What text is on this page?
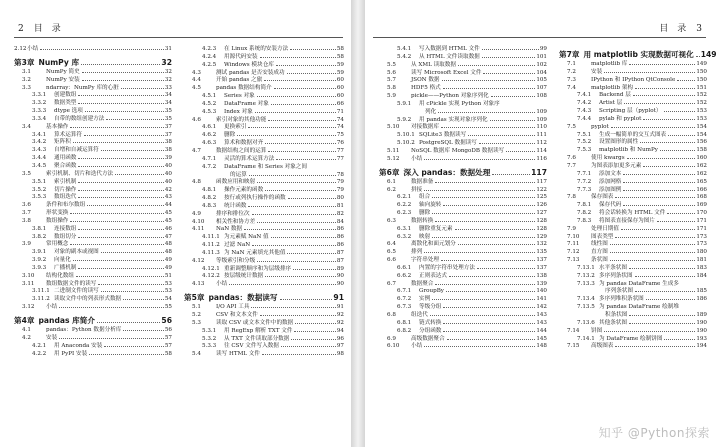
2 目　录
2.12 小结	31
第3章 NumPy 库	32
3.1	NumPy 简史	32
3.2	NumPy 安装	32
3.3	ndarray：NumPy 库的心脏	33
3.3.1	创建数组	34
3.3.2	数据类型	34
3.3.3	dtype 选项	35
3.3.4	自带的数组创建方法	35
3.4	基本操作	37
3.4.1	算术运算符	37
3.4.2	矩阵积	38
3.4.3	自增和自减运算符	38
3.4.4	通用函数	39
3.4.5	聚合函数	40
3.5	索引机制、切片和迭代方法	40
3.5.1	索引机制	40
3.5.2	切片操作	42
3.5.3	数组迭代	43
3.6	条件和布尔数组	44
3.7	形状变换	45
3.8	数组操作	45
3.8.1	连接数组	46
3.8.2	数组切分	47
3.9	常用概念	48
3.9.1	对象的副本或视图	48
3.9.2	向量化	49
3.9.3	广播机制	49
3.10	结构化数组	51
3.11	数组数据文件的读写	53
3.11.1 二进制文件的读写	53
3.11.2 读取文件中的列表形式数据	54
3.12	小结	55
第4章 pandas 库简介	56
4.1	pandas：Python 数据分析库	56
4.2	安装	57
4.2.1	用 Anaconda 安装	57
4.2.2	用 PyPI 安装	58
4.2.3	在 Linux 系统的安装方法	58
4.2.4	用源代码安装	58
4.2.5	Windows 模块仓库	59
4.3	测试 pandas 是否安装成功	59
4.4	开始 pandas 之旅	60
4.5	pandas 数据结构简介	60
4.5.1	Series 对象	60
4.5.2	DataFrame 对象	66
4.5.3	Index 对象	71
4.6	索引对象的其他功能	74
4.6.1	更换索引	74
4.6.2	删除	75
4.6.3	算术和数据对齐	76
4.7	数据结构之间的运算	77
4.7.1	灵活的算术运算方法	77
4.7.2	DataFrame 和 Series 对象之间
的运算	78
4.8	函数应用和映射	79
4.8.1	操作元素的函数	79
4.8.2	按行或列执行操作的函数	80
4.8.3	统计函数	81
4.9	排序和排位次	82
4.10	相关性和协方差	84
4.11	NaN 数据	86
4.11.1 为元素赋 NaN 值	86
4.11.2 过滤 NaN	86
4.11.3 为 NaN 元素填充其他值	87
4.12	等级索引和分级	87
4.12.1 重新调整顺序和为层级排序	89
4.12.2 按层级统计数据	90
4.13	小结	90
第5章 pandas：数据读写	91
5.1	I/O API 工具	91
5.2	CSV 和文本文件	92
5.3	读取 CSV 或文本文件中的数据	92
5.3.1	用 RegExp 解析 TXT 文件	94
5.3.2	从 TXT 文件读取部分数据	96
5.3.3	往 CSV 文件写入数据	97
5.4	读写 HTML 文件	98
目　录 3
5.4.1	写入数据到 HTML 文件	99
5.4.2	从 HTML 文件读取数据	101
5.5	从 XML 读取数据	102
5.6	读写 Microsoft Excel 文件	104
5.7	JSON 数据	105
5.8	HDF5 格式	107
5.9	pickle——Python 对象序列化	108
5.9.1	用 cPickle 实现 Python 对象序
列化	109
5.9.2	用 pandas 实现对象序列化	109
5.10	对接数据库	110
5.10.1 SQLite3 数据读写	111
5.10.2 PostgreSQL 数据读写	112
5.11	NoSQL 数据库 MongoDB 数据读写	114
5.12	小结	116
第6章 深入 pandas：数据处理	117
6.1	数据准备	117
6.2	拼接	122
6.2.1	组合	125
6.2.2	轴向旋转	126
6.2.3	删除	127
6.3	数据转换	128
6.3.1	删除重复元素	128
6.3.2	映射	129
6.4	离散化和面元划分	132
6.5	排列	135
6.6	字符串处理	137
6.6.1	内置的字符串处理方法	137
6.6.2	正则表达式	138
6.7	数据聚合	139
6.7.1	GroupBy	140
6.7.2	实例	141
6.7.3	等级分组	142
6.8	组迭代	143
6.8.1	链式转换	143
6.8.2	分组函数	144
6.9	高级数据聚合	145
6.10	小结	148
第7章 用 matplotlib 实现数据可视化 149
7.1	matplotlib 库	149
7.2	安装	150
7.3	IPython 和 IPython QtConsole	150
7.4	matplotlib 架构	151
7.4.1	Backend 层	152
7.4.2	Artist 层	152
7.4.3	Scripting 层（pyplot）	153
7.4.4	pylab 和 pyplot	153
7.5	pyplot	154
7.5.1	生成一幅简单的交互式图表	154
7.5.2	设置图形的属性	156
7.5.3	matplotlib 和 NumPy	158
7.6	使用 kwargs	160
7.7	为图表添加更多元素	162
7.7.1	添加文本	162
7.7.2	添加网格	165
7.7.3	添加图例	166
7.8	保存图表	168
7.8.1	保存代码	169
7.8.2	将会话转换为 HTML 文件	170
7.8.3	将图表直接保存为图片	171
7.9	处理日期值	171
7.10	图表类型	173
7.11	线性图	173
7.12	直方图	180
7.13	条状图	181
7.13.1 水平条状图	183
7.13.2 多序列条状图	184
7.13.3 为 pandas DataFrame 生成多
序列条状图	185
7.13.4 多序列堆积条状图	186
7.13.5 为 pandas DataFrame 绘制堆
积条状图	189
7.13.6 其他条状图	190
7.14	饼图	190
7.14.1 为 DataFrame 绘制饼图	193
7.15	高级图表	194
知乎 @Python探索
